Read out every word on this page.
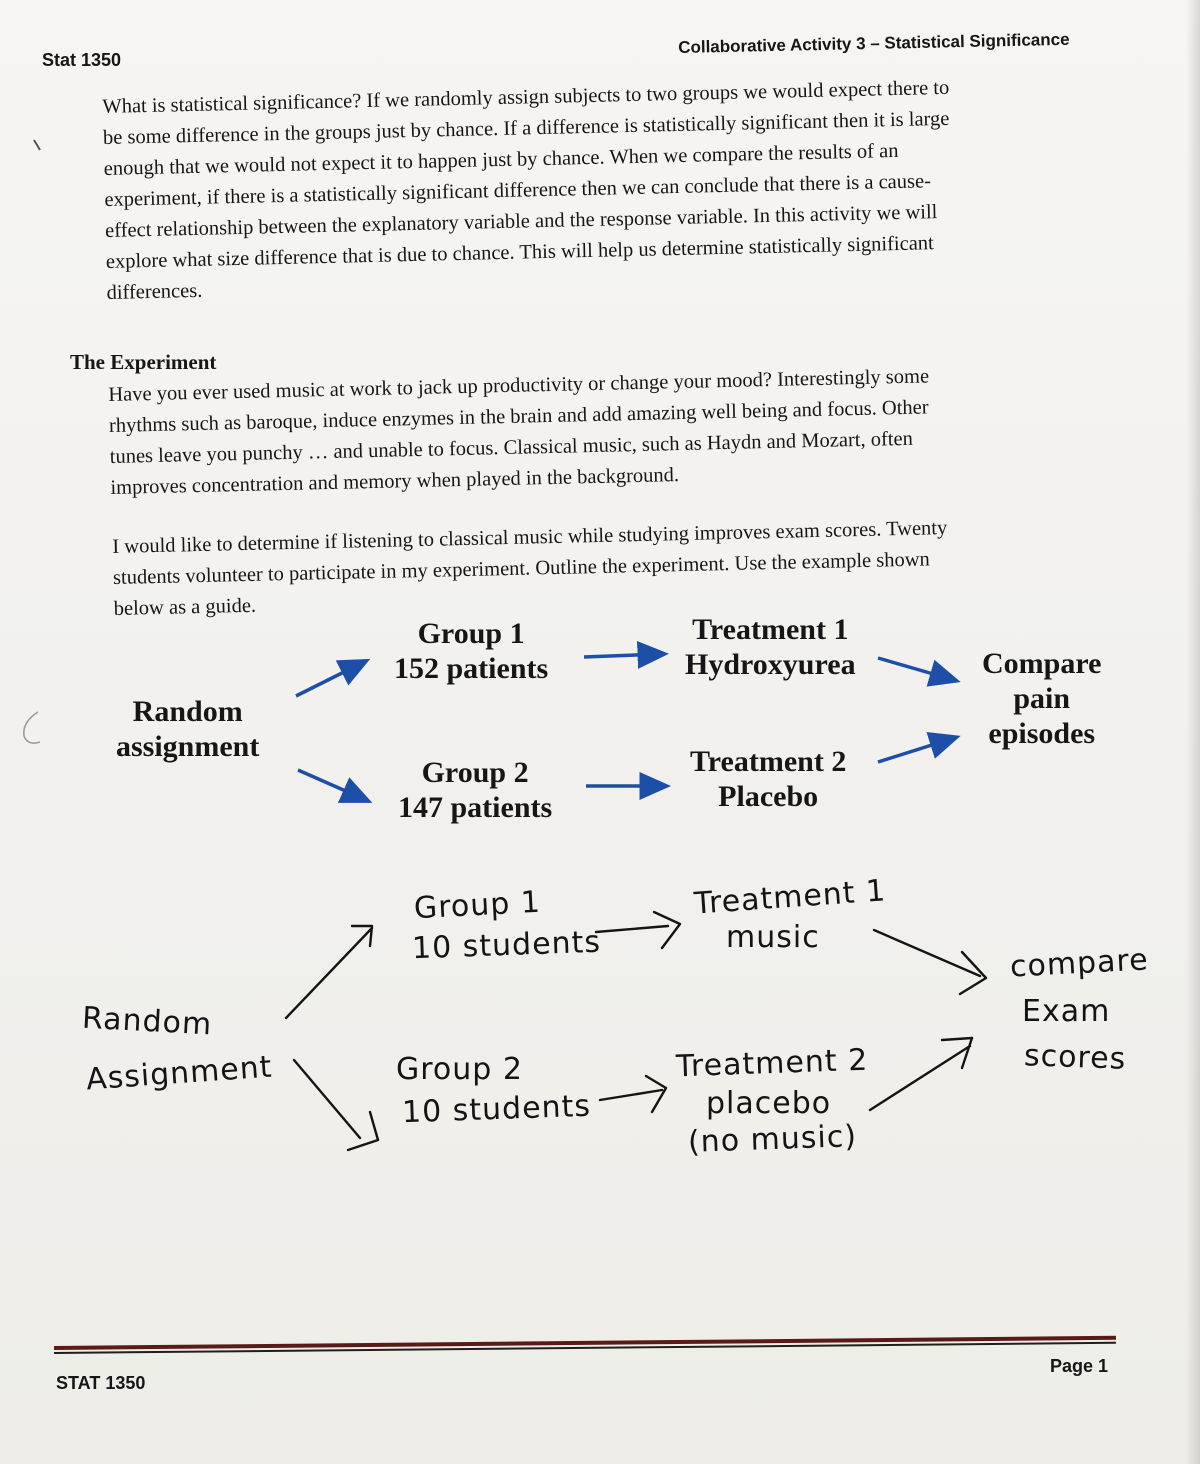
Stat 1350
Collaborative Activity 3 – Statistical Significance
What is statistical significance? If we randomly assign subjects to two groups we would expect there to
be some difference in the groups just by chance. If a difference is statistically significant then it is large
enough that we would not expect it to happen just by chance. When we compare the results of an
experiment, if there is a statistically significant difference then we can conclude that there is a cause-
effect relationship between the explanatory variable and the response variable. In this activity we will
explore what size difference that is due to chance. This will help us determine statistically significant
differences.
The Experiment
Have you ever used music at work to jack up productivity or change your mood? Interestingly some
rhythms such as baroque, induce enzymes in the brain and add amazing well being and focus. Other
tunes leave you punchy … and unable to focus. Classical music, such as Haydn and Mozart, often
improves concentration and memory when played in the background.
I would like to determine if listening to classical music while studying improves exam scores. Twenty
students volunteer to participate in my experiment. Outline the experiment. Use the example shown
below as a guide.
Random
assignment
Group 1
152 patients
Group 2
147 patients
Treatment 1
Hydroxyurea
Treatment 2
Placebo
Compare
pain
episodes
Group 1
10 students
Treatment 1
music
Random
Assignment	Group 2
10 students
Treatment 2
placebo
(no music)
compare
Exam
scores
STAT 1350
Page 1
